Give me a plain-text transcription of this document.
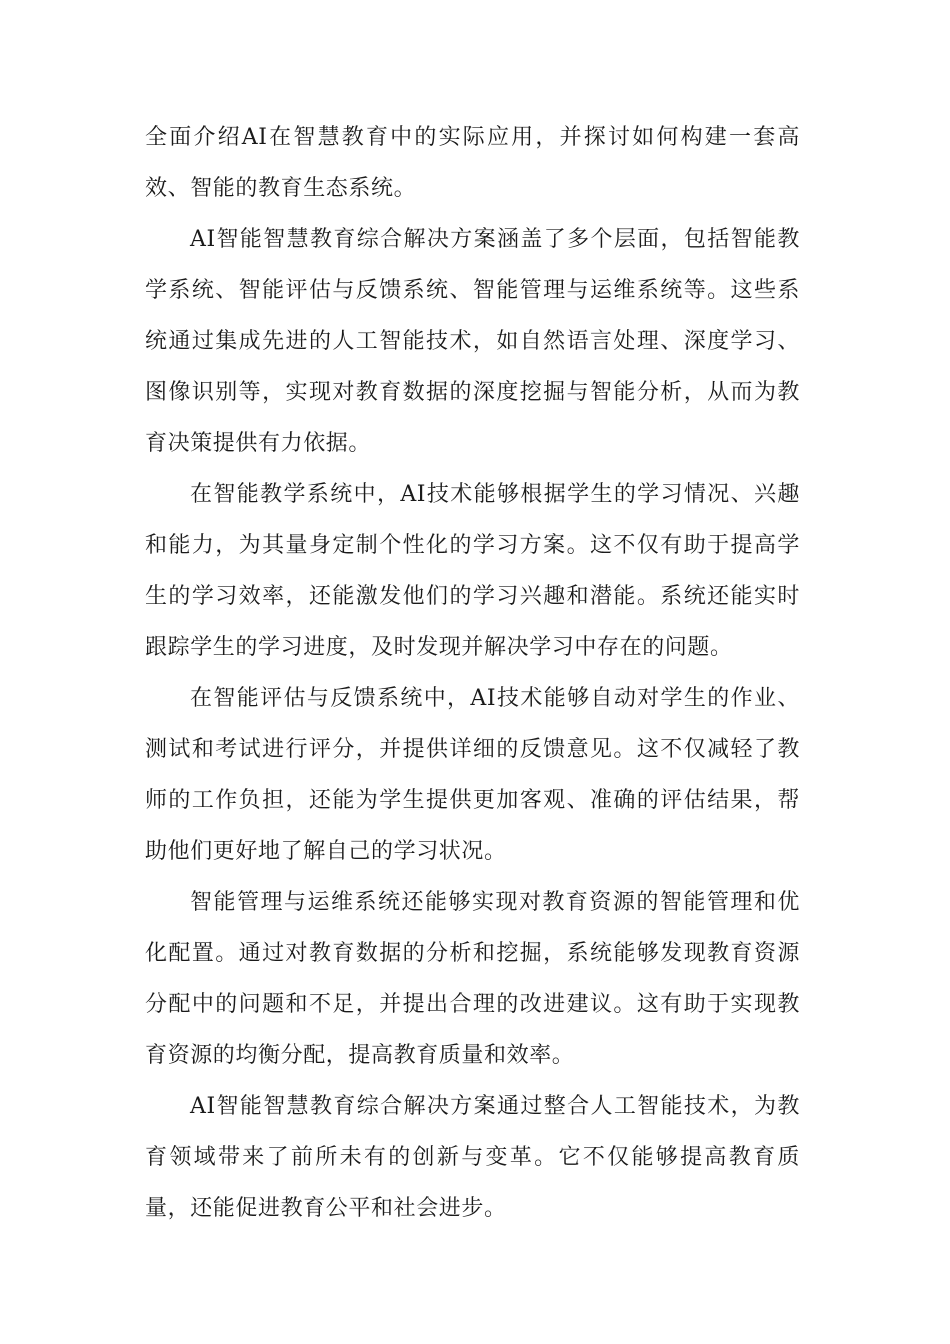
全面介绍AI在智慧教育中的实际应用，并探讨如何构建一套高效、智能的教育生态系统。

AI智能智慧教育综合解决方案涵盖了多个层面，包括智能教学系统、智能评估与反馈系统、智能管理与运维系统等。这些系统通过集成先进的人工智能技术，如自然语言处理、深度学习、图像识别等，实现对教育数据的深度挖掘与智能分析，从而为教育决策提供有力依据。

在智能教学系统中，AI技术能够根据学生的学习情况、兴趣和能力，为其量身定制个性化的学习方案。这不仅有助于提高学生的学习效率，还能激发他们的学习兴趣和潜能。系统还能实时跟踪学生的学习进度，及时发现并解决学习中存在的问题。

在智能评估与反馈系统中，AI技术能够自动对学生的作业、测试和考试进行评分，并提供详细的反馈意见。这不仅减轻了教师的工作负担，还能为学生提供更加客观、准确的评估结果，帮助他们更好地了解自己的学习状况。

智能管理与运维系统还能够实现对教育资源的智能管理和优化配置。通过对教育数据的分析和挖掘，系统能够发现教育资源分配中的问题和不足，并提出合理的改进建议。这有助于实现教育资源的均衡分配，提高教育质量和效率。

AI智能智慧教育综合解决方案通过整合人工智能技术，为教育领域带来了前所未有的创新与变革。它不仅能够提高教育质量，还能促进教育公平和社会进步。
